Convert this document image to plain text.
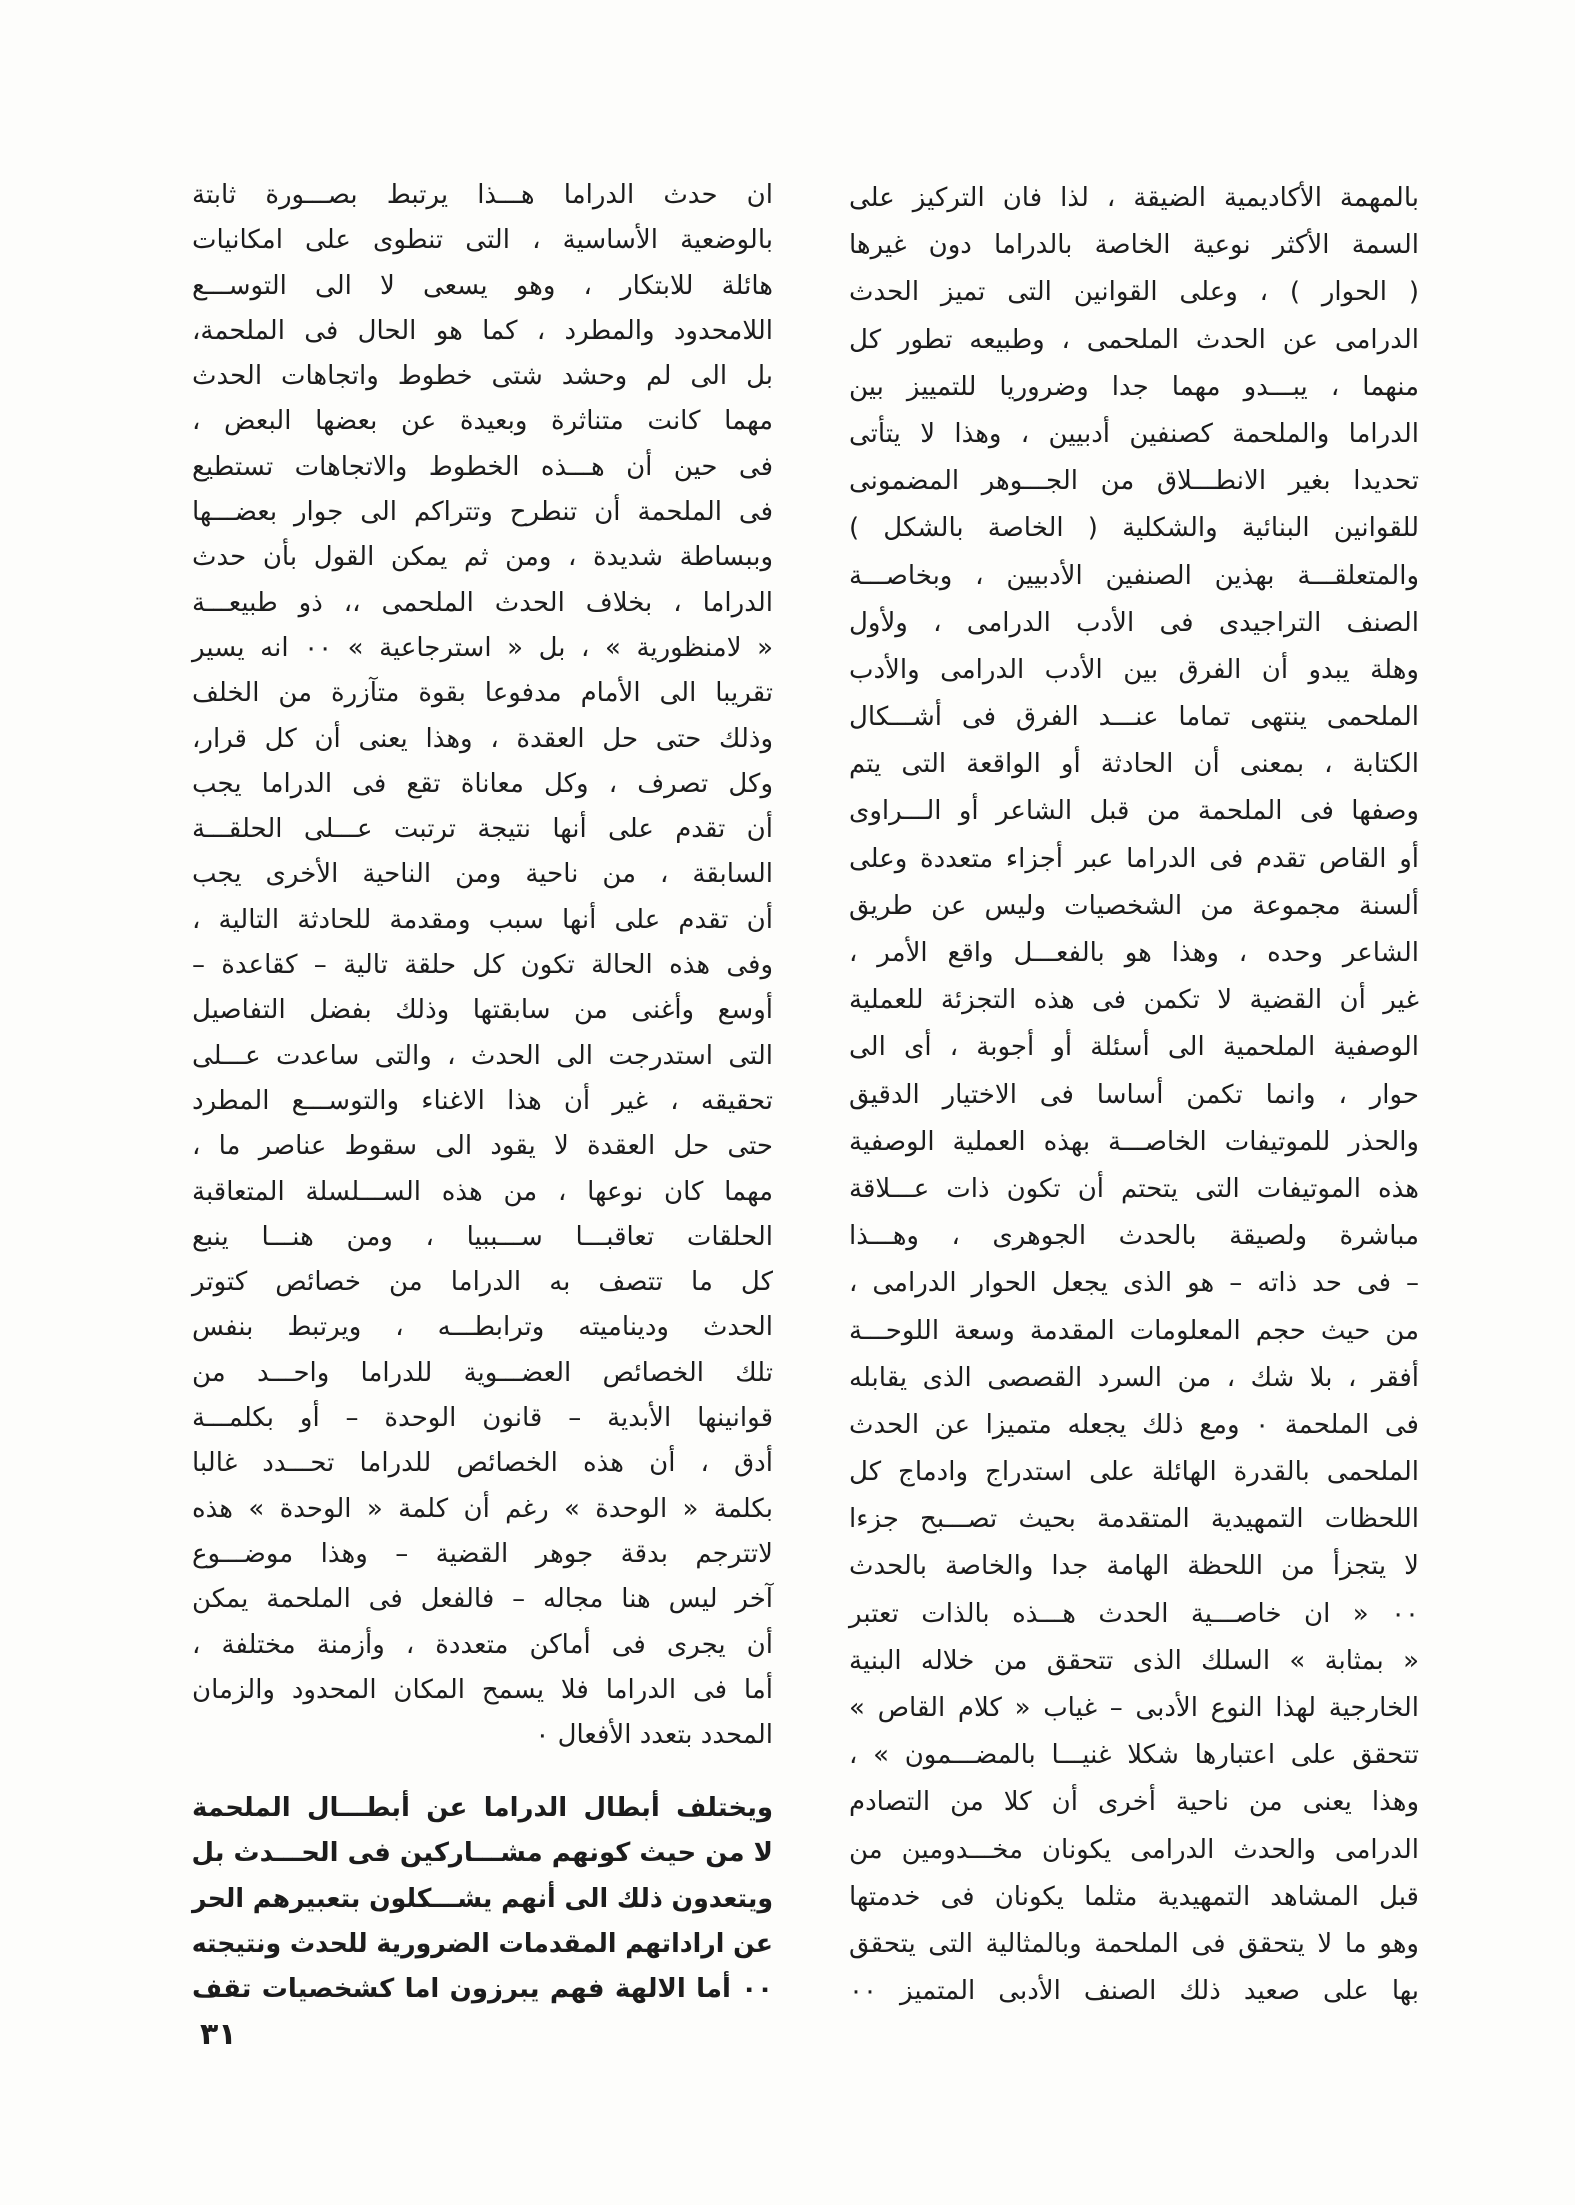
بالمهمة الأكاديمية الضيقة ، لذا فان التركيز على
السمة الأكثر نوعية الخاصة بالدراما دون غيرها
( الحوار ) ، وعلى القوانين التى تميز الحدث
الدرامى عن الحدث الملحمى ، وطبيعه تطور كل
منهما ، يبـــدو مهما جدا وضروريا للتمييز بين
الدراما والملحمة كصنفين أدبيين ، وهذا لا يتأتى
تحديدا بغير الانطـــلاق من الجـــوهر المضمونى
للقوانين البنائية والشكلية ( الخاصة بالشكل )
والمتعلقـــة بهذين الصنفين الأدبيين ، وبخاصـــة
الصنف التراجيدى فى الأدب الدرامى ، ولأول
وهلة يبدو أن الفرق بين الأدب الدرامى والأدب
الملحمى ينتهى تماما عنـــد الفرق فى أشـــكال
الكتابة ، بمعنى أن الحادثة أو الواقعة التى يتم
وصفها فى الملحمة من قبل الشاعر أو الـــراوى
أو القاص تقدم فى الدراما عبر أجزاء متعددة وعلى
ألسنة مجموعة من الشخصيات وليس عن طريق
الشاعر وحده ، وهذا هو بالفعـــل واقع الأمر ،
غير أن القضية لا تكمن فى هذه التجزئة للعملية
الوصفية الملحمية الى أسئلة أو أجوبة ، أى الى
حوار ، وانما تكمن أساسا فى الاختيار الدقيق
والحذر للموتيفات الخاصـــة بهذه العملية الوصفية
هذه الموتيفات التى يتحتم أن تكون ذات عـــلاقة
مباشرة ولصيقة بالحدث الجوهرى ، وهـــذا
– فى حد ذاته – هو الذى يجعل الحوار الدرامى ،
من حيث حجم المعلومات المقدمة وسعة اللوحـــة
أفقر ، بلا شك ، من السرد القصصى الذى يقابله
فى الملحمة ٠ ومع ذلك يجعله متميزا عن الحدث
الملحمى بالقدرة الهائلة على استدراج وادماج كل
اللحظات التمهيدية المتقدمة بحيث تصـــبح جزءا
لا يتجزأ من اللحظة الهامة جدا والخاصة بالحدث
٠٠ « ان خاصـــية الحدث هـــذه بالذات تعتبر
« بمثابة » السلك الذى تتحقق من خلاله البنية
الخارجية لهذا النوع الأدبى – غياب « كلام القاص »
تتحقق على اعتبارها شكلا غنيـــا بالمضـــمون » ،
وهذا يعنى من ناحية أخرى أن كلا من التصادم
الدرامى والحدث الدرامى يكونان مخـــدومين من
قبل المشاهد التمهيدية مثلما يكونان فى خدمتها
وهو ما لا يتحقق فى الملحمة وبالمثالية التى يتحقق
بها على صعيد ذلك الصنف الأدبى المتميز ٠٠
ان حدث الدراما هـــذا يرتبط بصـــورة ثابتة
بالوضعية الأساسية ، التى تنطوى على امكانيات
هائلة للابتكار ، وهو يسعى لا الى التوســـع
اللامحدود والمطرد ، كما هو الحال فى الملحمة،
بل الى لم وحشد شتى خطوط واتجاهات الحدث
مهما كانت متناثرة وبعيدة عن بعضها البعض ،
فى حين أن هـــذه الخطوط والاتجاهات تستطيع
فى الملحمة أن تنطرح وتتراكم الى جوار بعضـــها
وببساطة شديدة ، ومن ثم يمكن القول بأن حدث
الدراما ، بخلاف الحدث الملحمى ،، ذو طبيعـــة
« لامنظورية » ، بل « استرجاعية » ٠٠ انه يسير
تقريبا الى الأمام مدفوعا بقوة متآزرة من الخلف
وذلك حتى حل العقدة ، وهذا يعنى أن كل قرار،
وكل تصرف ، وكل معاناة تقع فى الدراما يجب
أن تقدم على أنها نتيجة ترتبت عـــلى الحلقـــة
السابقة ، من ناحية ومن الناحية الأخرى يجب
أن تقدم على أنها سبب ومقدمة للحادثة التالية ،
وفى هذه الحالة تكون كل حلقة تالية – كقاعدة –
أوسع وأغنى من سابقتها وذلك بفضل التفاصيل
التى استدرجت الى الحدث ، والتى ساعدت عـــلى
تحقيقه ، غير أن هذا الاغناء والتوســـع المطرد
حتى حل العقدة لا يقود الى سقوط عناصر ما ،
مهما كان نوعها ، من هذه الســـلسلة المتعاقبة
الحلقات تعاقبـــا ســـببيا ، ومن هنـــا ينبع
كل ما تتصف به الدراما من خصائص كتوتر
الحدث وديناميته وترابطـــه ، ويرتبط بنفس
تلك الخصائص العضـــوية للدراما واحـــد من
قوانينها الأبدية – قانون الوحدة – أو بكلمـــة
أدق ، أن هذه الخصائص للدراما تحـــدد غالبا
بكلمة « الوحدة » رغم أن كلمة « الوحدة » هذه
لاتترجم بدقة جوهر القضية – وهذا موضـــوع
آخر ليس هنا مجاله – فالفعل فى الملحمة يمكن
أن يجرى فى أماكن متعددة ، وأزمنة مختلفة ،
أما فى الدراما فلا يسمح المكان المحدود والزمان
المحدد بتعدد الأفعال ٠
ويختلف أبطال الدراما عن أبطـــال الملحمة
لا من حيث كونهم مشـــاركين فى الحـــدث بل
ويتعدون ذلك الى أنهم يشـــكلون بتعبيرهم الحر
عن اراداتهم المقدمات الضرورية للحدث ونتيجته
٠٠ أما الالهة فهم يبرزون اما كشخصيات تقف
٣١
